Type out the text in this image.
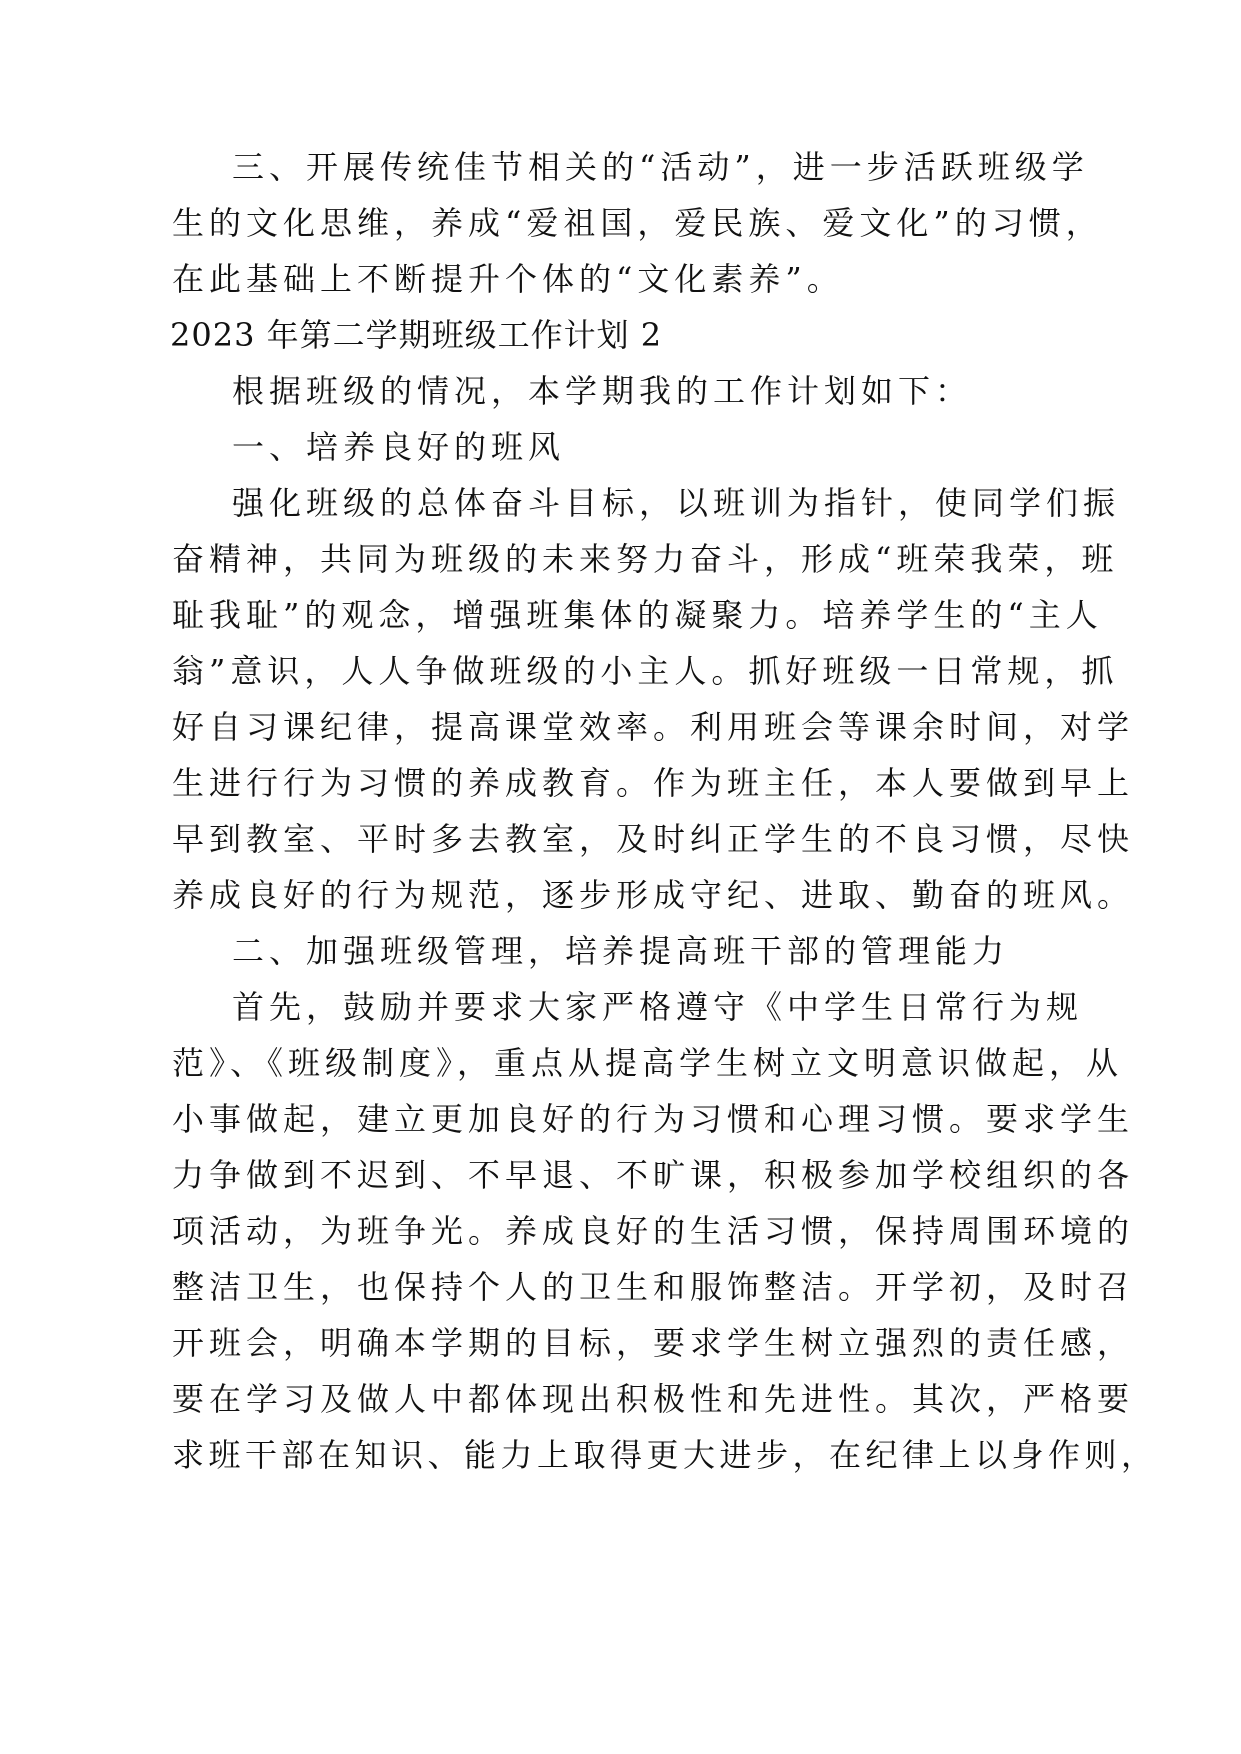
三、开展传统佳节相关的“活动”，进一步活跃班级学
生的文化思维，养成“爱祖国，爱民族、爱文化”的习惯，
在此基础上不断提升个体的“文化素养”。
2023 年第二学期班级工作计划 2
根据班级的情况，本学期我的工作计划如下：
一、培养良好的班风
强化班级的总体奋斗目标，以班训为指针，使同学们振
奋精神，共同为班级的未来努力奋斗，形成“班荣我荣，班
耻我耻”的观念，增强班集体的凝聚力。培养学生的“主人
翁”意识，人人争做班级的小主人。抓好班级一日常规，抓
好自习课纪律，提高课堂效率。利用班会等课余时间，对学
生进行行为习惯的养成教育。作为班主任，本人要做到早上
早到教室、平时多去教室，及时纠正学生的不良习惯，尽快
养成良好的行为规范，逐步形成守纪、进取、勤奋的班风。
二、加强班级管理，培养提高班干部的管理能力
首先，鼓励并要求大家严格遵守《中学生日常行为规
范》、《班级制度》，重点从提高学生树立文明意识做起，从
小事做起，建立更加良好的行为习惯和心理习惯。要求学生
力争做到不迟到、不早退、不旷课，积极参加学校组织的各
项活动，为班争光。养成良好的生活习惯，保持周围环境的
整洁卫生，也保持个人的卫生和服饰整洁。开学初，及时召
开班会，明确本学期的目标，要求学生树立强烈的责任感，
要在学习及做人中都体现出积极性和先进性。其次，严格要
求班干部在知识、能力上取得更大进步，在纪律上以身作则，
